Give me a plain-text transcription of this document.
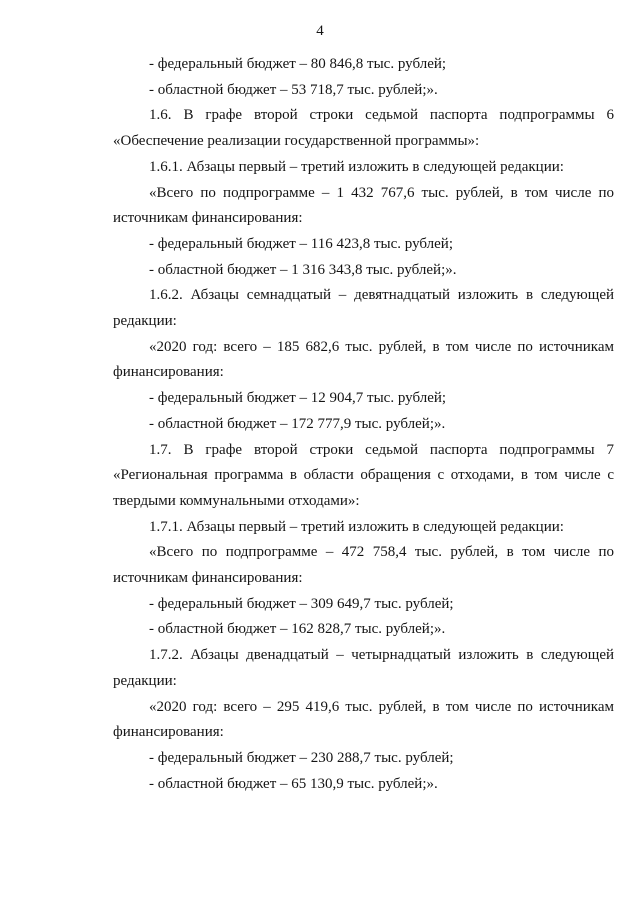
4

- федеральный бюджет – 80 846,8 тыс. рублей;

- областной бюджет – 53 718,7 тыс. рублей;».

1.6. В графе второй строки седьмой паспорта подпрограммы 6
«Обеспечение реализации государственной программы»:

1.6.1. Абзацы первый – третий изложить в следующей редакции:

«Всего по подпрограмме – 1 432 767,6 тыс. рублей, в том числе по
источникам финансирования:

- федеральный бюджет – 116 423,8 тыс. рублей;

- областной бюджет – 1 316 343,8 тыс. рублей;».

1.6.2. Абзацы семнадцатый – девятнадцатый изложить в следующей
редакции:

«2020 год: всего – 185 682,6 тыс. рублей, в том числе по источникам
финансирования:

- федеральный бюджет – 12 904,7 тыс. рублей;

- областной бюджет – 172 777,9 тыс. рублей;».

1.7. В графе второй строки седьмой паспорта подпрограммы 7
«Региональная программа в области обращения с отходами, в том числе с
твердыми коммунальными отходами»:

1.7.1. Абзацы первый – третий изложить в следующей редакции:

«Всего по подпрограмме – 472 758,4 тыс. рублей, в том числе по
источникам финансирования:

- федеральный бюджет – 309 649,7 тыс. рублей;

- областной бюджет – 162 828,7 тыс. рублей;».

1.7.2. Абзацы двенадцатый – четырнадцатый изложить в следующей
редакции:

«2020 год: всего – 295 419,6 тыс. рублей, в том числе по источникам
финансирования:

- федеральный бюджет – 230 288,7 тыс. рублей;

- областной бюджет – 65 130,9 тыс. рублей;».
